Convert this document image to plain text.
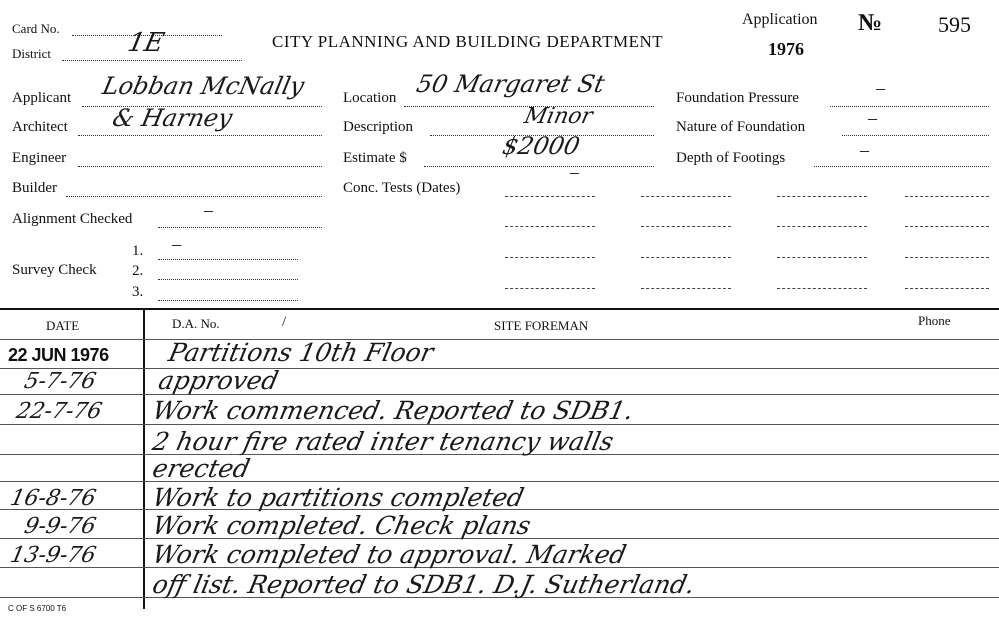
Card No.
District	1E	CITY PLANNING AND BUILDING DEPARTMENT
Application
1976
№	595
Applicant Lobban McNally
Architect & Harney
Engineer
Builder
Alignment Checked	–
Survey Check
1. –
2.
3.
Location 50 Margaret St
Description	Minor
Estimate $	$2000
Conc. Tests (Dates)
–
Foundation Pressure	–
Nature of Foundation	–
Depth of Footings	–
DATE	D.A. No.	/	SITE FOREMAN	Phone
22 JUN 1976 Partitions 10th Floor
5-7-76 approved
22-7-76 Work commenced. Reported to SDB1.
2 hour fire rated inter tenancy walls
erected
16-8-76 Work to partitions completed
9-9-76 Work completed. Check plans
13-9-76 Work completed to approval. Marked
off list. Reported to SDB1. D.J. Sutherland.
C OF S 6700 T6
